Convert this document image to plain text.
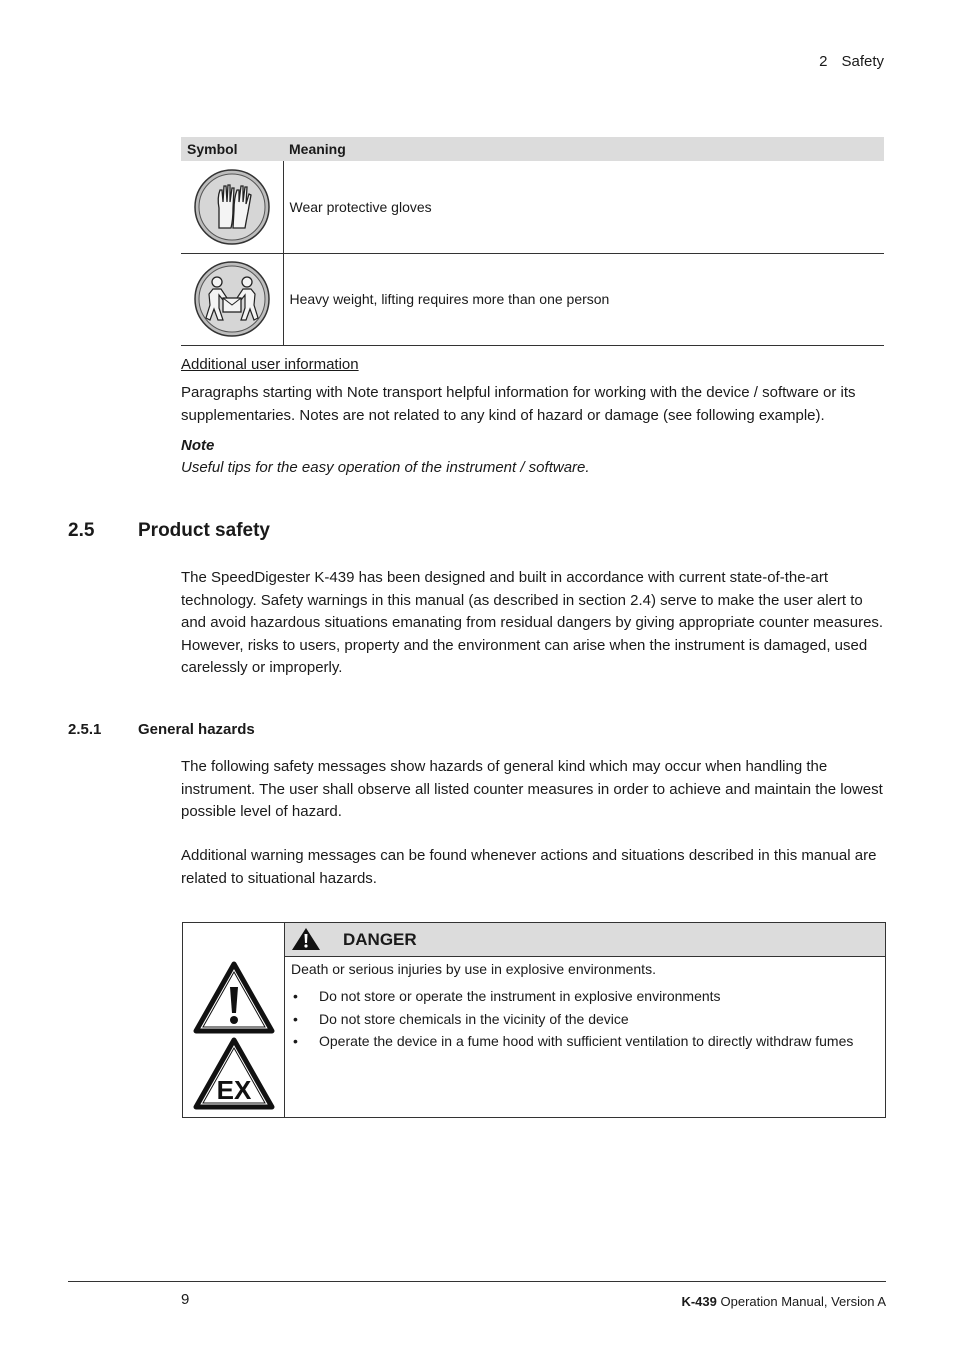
2 Safety
Symbol	Meaning

	Wear protective gloves

	Heavy weight, lifting requires more than one person
Additional user information

Paragraphs starting with Note transport helpful information for working with the device / software or its supplementaries. Notes are not related to any kind of hazard or damage (see following example).

Note
Useful tips for the easy operation of the instrument / software.
2.5 Product safety

The SpeedDigester K-439 has been designed and built in accordance with current state-of-the-art technology. Safety warnings in this manual (as described in section 2.4) serve to make the user alert to and avoid hazardous situations emanating from residual dangers by giving appropriate counter measures.

However, risks to users, property and the environment can arise when the instrument is damaged, used carelessly or improperly.

2.5.1 General hazards

The following safety messages show hazards of general kind which may occur when handling the instrument. The user shall observe all listed counter measures in order to achieve and maintain the lowest possible level of hazard.

Additional warning messages can be found whenever actions and situations described in this manual are related to situational hazards.

EX
DANGER

Death or serious injuries by use in explosive environments.

• Do not store or operate the instrument in explosive environments
• Do not store chemicals in the vicinity of the device
• Operate the device in a fume hood with sufficient ventilation to directly withdraw fumes
9	K-439 Operation Manual, Version A
